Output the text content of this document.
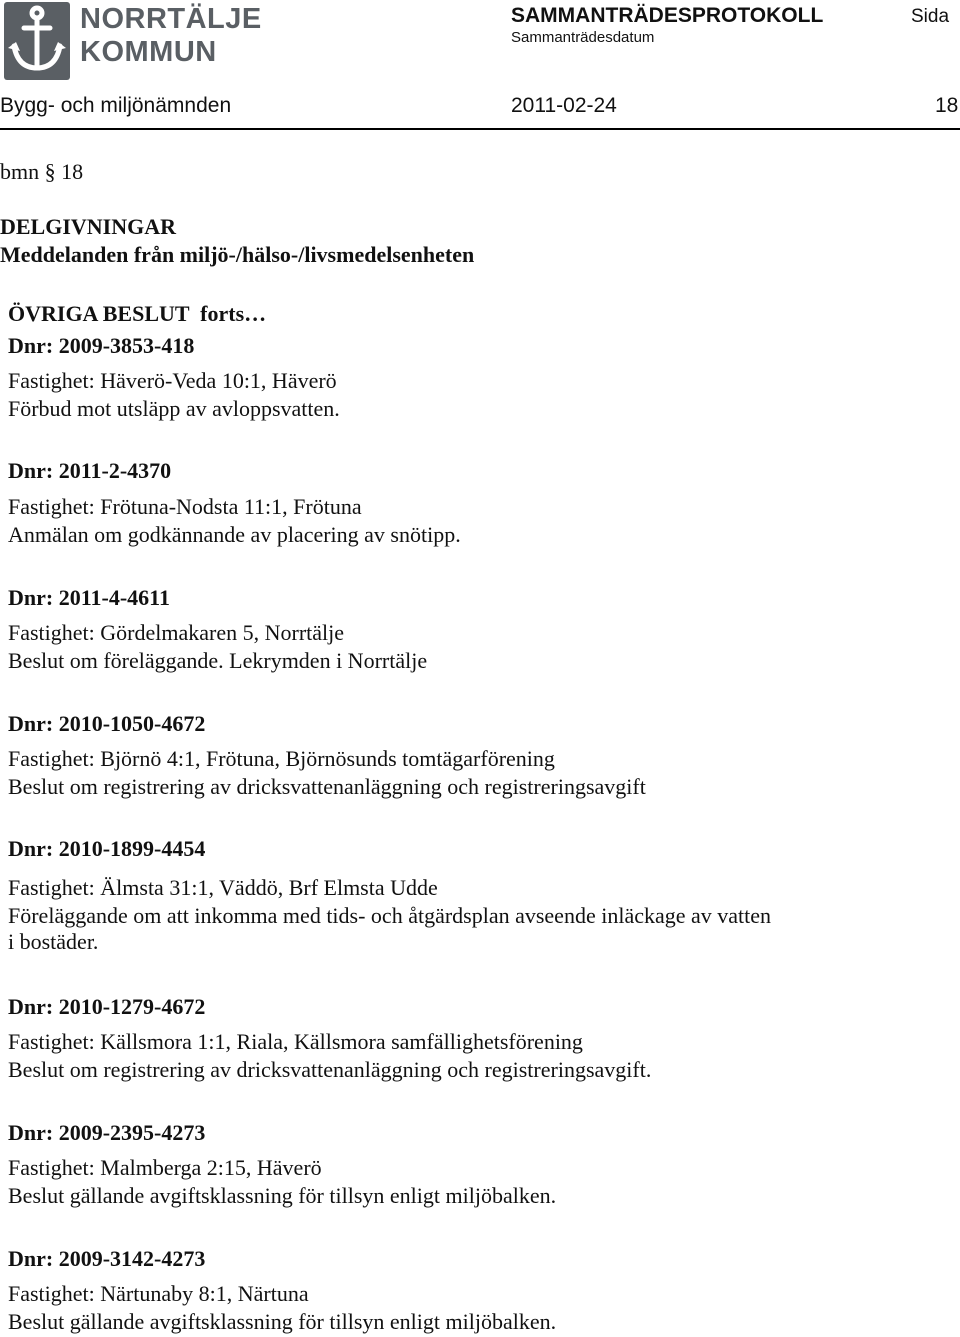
NORRTÄLJE
KOMMUN
SAMMANTRÄDESPROTOKOLL
Sammanträdesdatum
Sida
Bygg- och miljönämnden	2011-02-24	18
bmn § 18
DELGIVNINGAR
Meddelanden från miljö-/hälso-/livsmedelsenheten
ÖVRIGA BESLUT  forts…
Dnr: 2009-3853-418
Fastighet: Häverö-Veda 10:1, Häverö
Förbud mot utsläpp av avloppsvatten.
Dnr: 2011-2-4370
Fastighet: Frötuna-Nodsta 11:1, Frötuna
Anmälan om godkännande av placering av snötipp.
Dnr: 2011-4-4611
Fastighet: Gördelmakaren 5, Norrtälje
Beslut om föreläggande. Lekrymden i Norrtälje
Dnr: 2010-1050-4672
Fastighet: Björnö 4:1, Frötuna, Björnösunds tomtägarförening
Beslut om registrering av dricksvattenanläggning och registreringsavgift
Dnr: 2010-1899-4454
Fastighet: Älmsta 31:1, Väddö, Brf Elmsta Udde
Föreläggande om att inkomma med tids- och åtgärdsplan avseende inläckage av vatten
i bostäder.
Dnr: 2010-1279-4672
Fastighet: Källsmora 1:1, Riala, Källsmora samfällighetsförening
Beslut om registrering av dricksvattenanläggning och registreringsavgift.
Dnr: 2009-2395-4273
Fastighet: Malmberga 2:15, Häverö
Beslut gällande avgiftsklassning för tillsyn enligt miljöbalken.
Dnr: 2009-3142-4273
Fastighet: Närtunaby 8:1, Närtuna
Beslut gällande avgiftsklassning för tillsyn enligt miljöbalken.
